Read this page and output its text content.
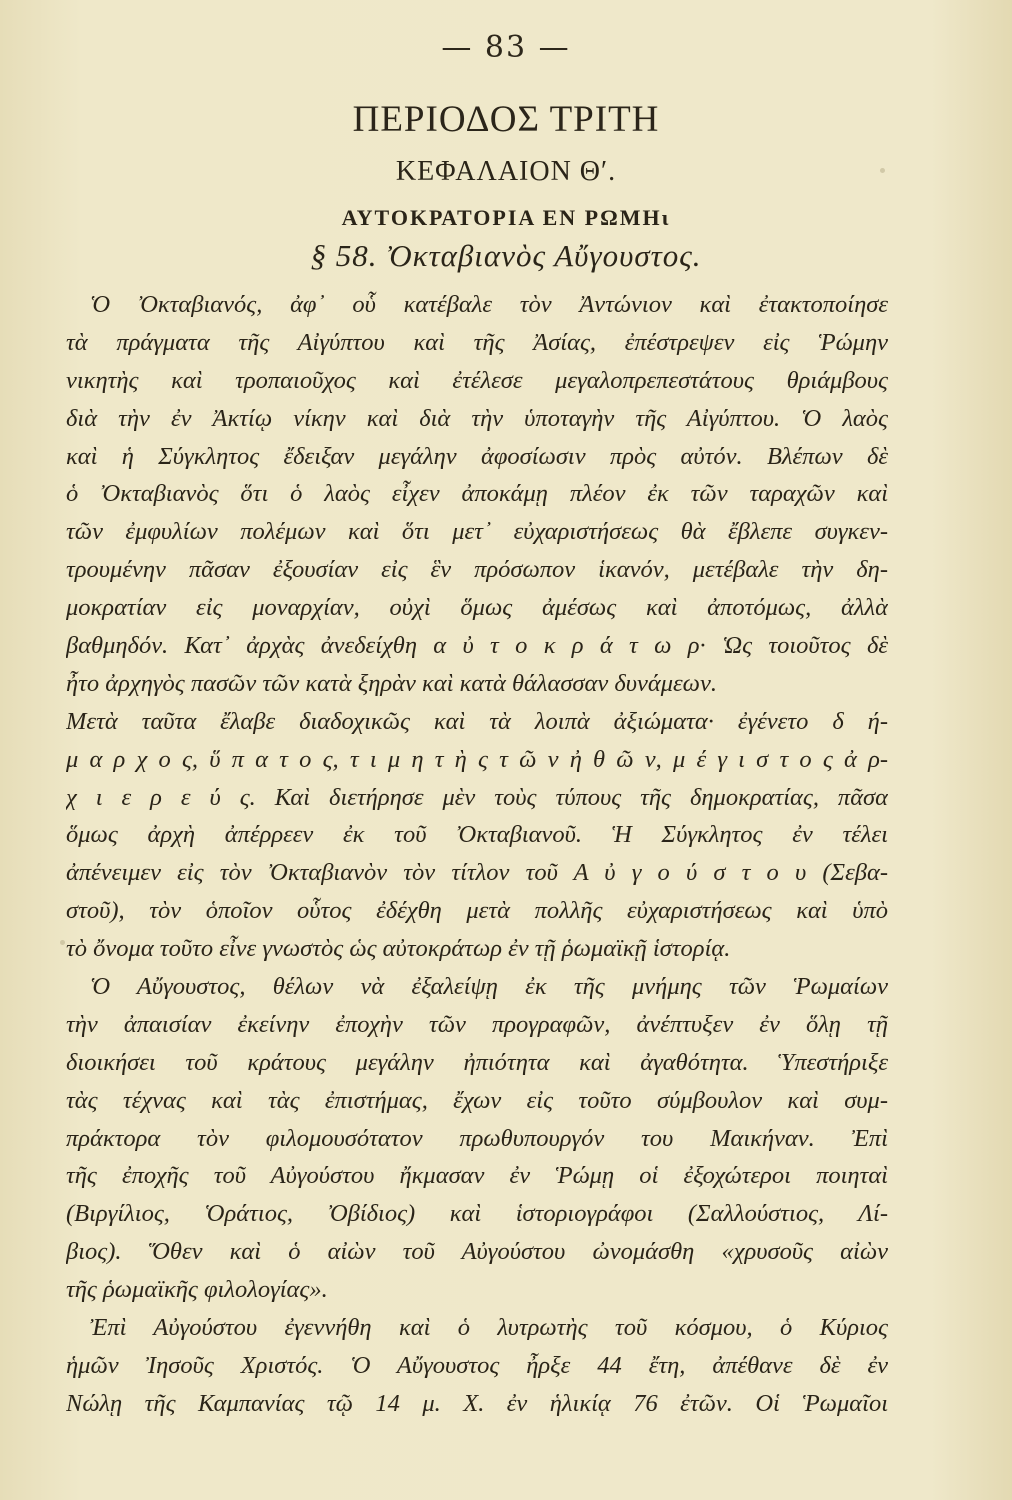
— 83 —
ΠΕΡΙΟΔΟΣ ΤΡΙΤΗ
ΚΕΦΑΛΑΙΟΝ Θ′.
ΑΥΤΟΚΡΑΤΟΡΙΑ ΕΝ ΡΩΜΗι
§ 58. Ὀκταβιανὸς Αὔγουστος.
Ὁ Ὀκταβιανός, ἀφ᾽ οὗ κατέβαλε τὸν Ἀντώνιον καὶ ἐτακτοποίησε
τὰ πράγματα τῆς Αἰγύπτου καὶ τῆς Ἀσίας, ἐπέστρεψεν εἰς Ῥώμην
νικητὴς καὶ τροπαιοῦχος καὶ ἐτέλεσε μεγαλοπρεπεστάτους θριάμβους
διὰ τὴν ἐν Ἀκτίῳ νίκην καὶ διὰ τὴν ὑποταγὴν τῆς Αἰγύπτου. Ὁ λαὸς
καὶ ἡ Σύγκλητος ἔδειξαν μεγάλην ἀφοσίωσιν πρὸς αὐτόν. Βλέπων δὲ
ὁ Ὀκταβιανὸς ὅτι ὁ λαὸς εἶχεν ἀποκάμῃ πλέον ἐκ τῶν ταραχῶν καὶ
τῶν ἐμφυλίων πολέμων καὶ ὅτι μετ᾽ εὐχαριστήσεως θὰ ἔβλεπε συγκεν-
τρουμένην πᾶσαν ἐξουσίαν εἰς ἓν πρόσωπον ἱκανόν, μετέβαλε τὴν δη-
μοκρατίαν εἰς μοναρχίαν, οὐχὶ ὅμως ἀμέσως καὶ ἀποτόμως, ἀλλὰ
βαθμηδόν. Κατ᾽ ἀρχὰς ἀνεδείχθη α ὐ τ ο κ ρ ά τ ω ρ· Ὡς τοιοῦτος δὲ
ἦτο ἀρχηγὸς πασῶν τῶν κατὰ ξηρὰν καὶ κατὰ θάλασσαν δυνάμεων.
Μετὰ ταῦτα ἔλαβε διαδοχικῶς καὶ τὰ λοιπὰ ἀξιώματα· ἐγένετο δ ή-
μ α ρ χ ο ς, ὕ π α τ ο ς, τ ι μ η τ ὴ ς τ ῶ ν ἠ θ ῶ ν, μ έ γ ι σ τ ο ς ἀ ρ-
χ ι ε ρ ε ύ ς. Καὶ διετήρησε μὲν τοὺς τύπους τῆς δημοκρατίας, πᾶσα
ὅμως ἀρχὴ ἀπέρρεεν ἐκ τοῦ Ὀκταβιανοῦ. Ἡ Σύγκλητος ἐν τέλει
ἀπένειμεν εἰς τὸν Ὀκταβιανὸν τὸν τίτλον τοῦ Α ὐ γ ο ύ σ τ ο υ (Σεβα-
στοῦ), τὸν ὁποῖον οὗτος ἐδέχθη μετὰ πολλῆς εὐχαριστήσεως καὶ ὑπὸ
τὸ ὄνομα τοῦτο εἶνε γνωστὸς ὡς αὐτοκράτωρ ἐν τῇ ῥωμαϊκῇ ἱστορίᾳ.
Ὁ Αὔγουστος, θέλων νὰ ἐξαλείψῃ ἐκ τῆς μνήμης τῶν Ῥωμαίων
τὴν ἀπαισίαν ἐκείνην ἐποχὴν τῶν προγραφῶν, ἀνέπτυξεν ἐν ὅλῃ τῇ
διοικήσει τοῦ κράτους μεγάλην ἠπιότητα καὶ ἀγαθότητα. Ὑπεστήριξε
τὰς τέχνας καὶ τὰς ἐπιστήμας, ἔχων εἰς τοῦτο σύμβουλον καὶ συμ-
πράκτορα τὸν φιλομουσότατον πρωθυπουργόν του Μαικήναν. Ἐπὶ
τῆς ἐποχῆς τοῦ Αὐγούστου ἤκμασαν ἐν Ῥώμῃ οἱ ἐξοχώτεροι ποιηταὶ
(Βιργίλιος, Ὁράτιος, Ὀβίδιος) καὶ ἱστοριογράφοι (Σαλλούστιος, Λί-
βιος). Ὅθεν καὶ ὁ αἰὼν τοῦ Αὐγούστου ὠνομάσθη «χρυσοῦς αἰὼν
τῆς ῥωμαϊκῆς φιλολογίας».
Ἐπὶ Αὐγούστου ἐγεννήθη καὶ ὁ λυτρωτὴς τοῦ κόσμου, ὁ Κύριος
ἡμῶν Ἰησοῦς Χριστός. Ὁ Αὔγουστος ἦρξε 44 ἔτη, ἀπέθανε δὲ ἐν
Νώλῃ τῆς Καμπανίας τῷ 14 μ. Χ. ἐν ἡλικίᾳ 76 ἐτῶν. Οἱ Ῥωμαῖοι
